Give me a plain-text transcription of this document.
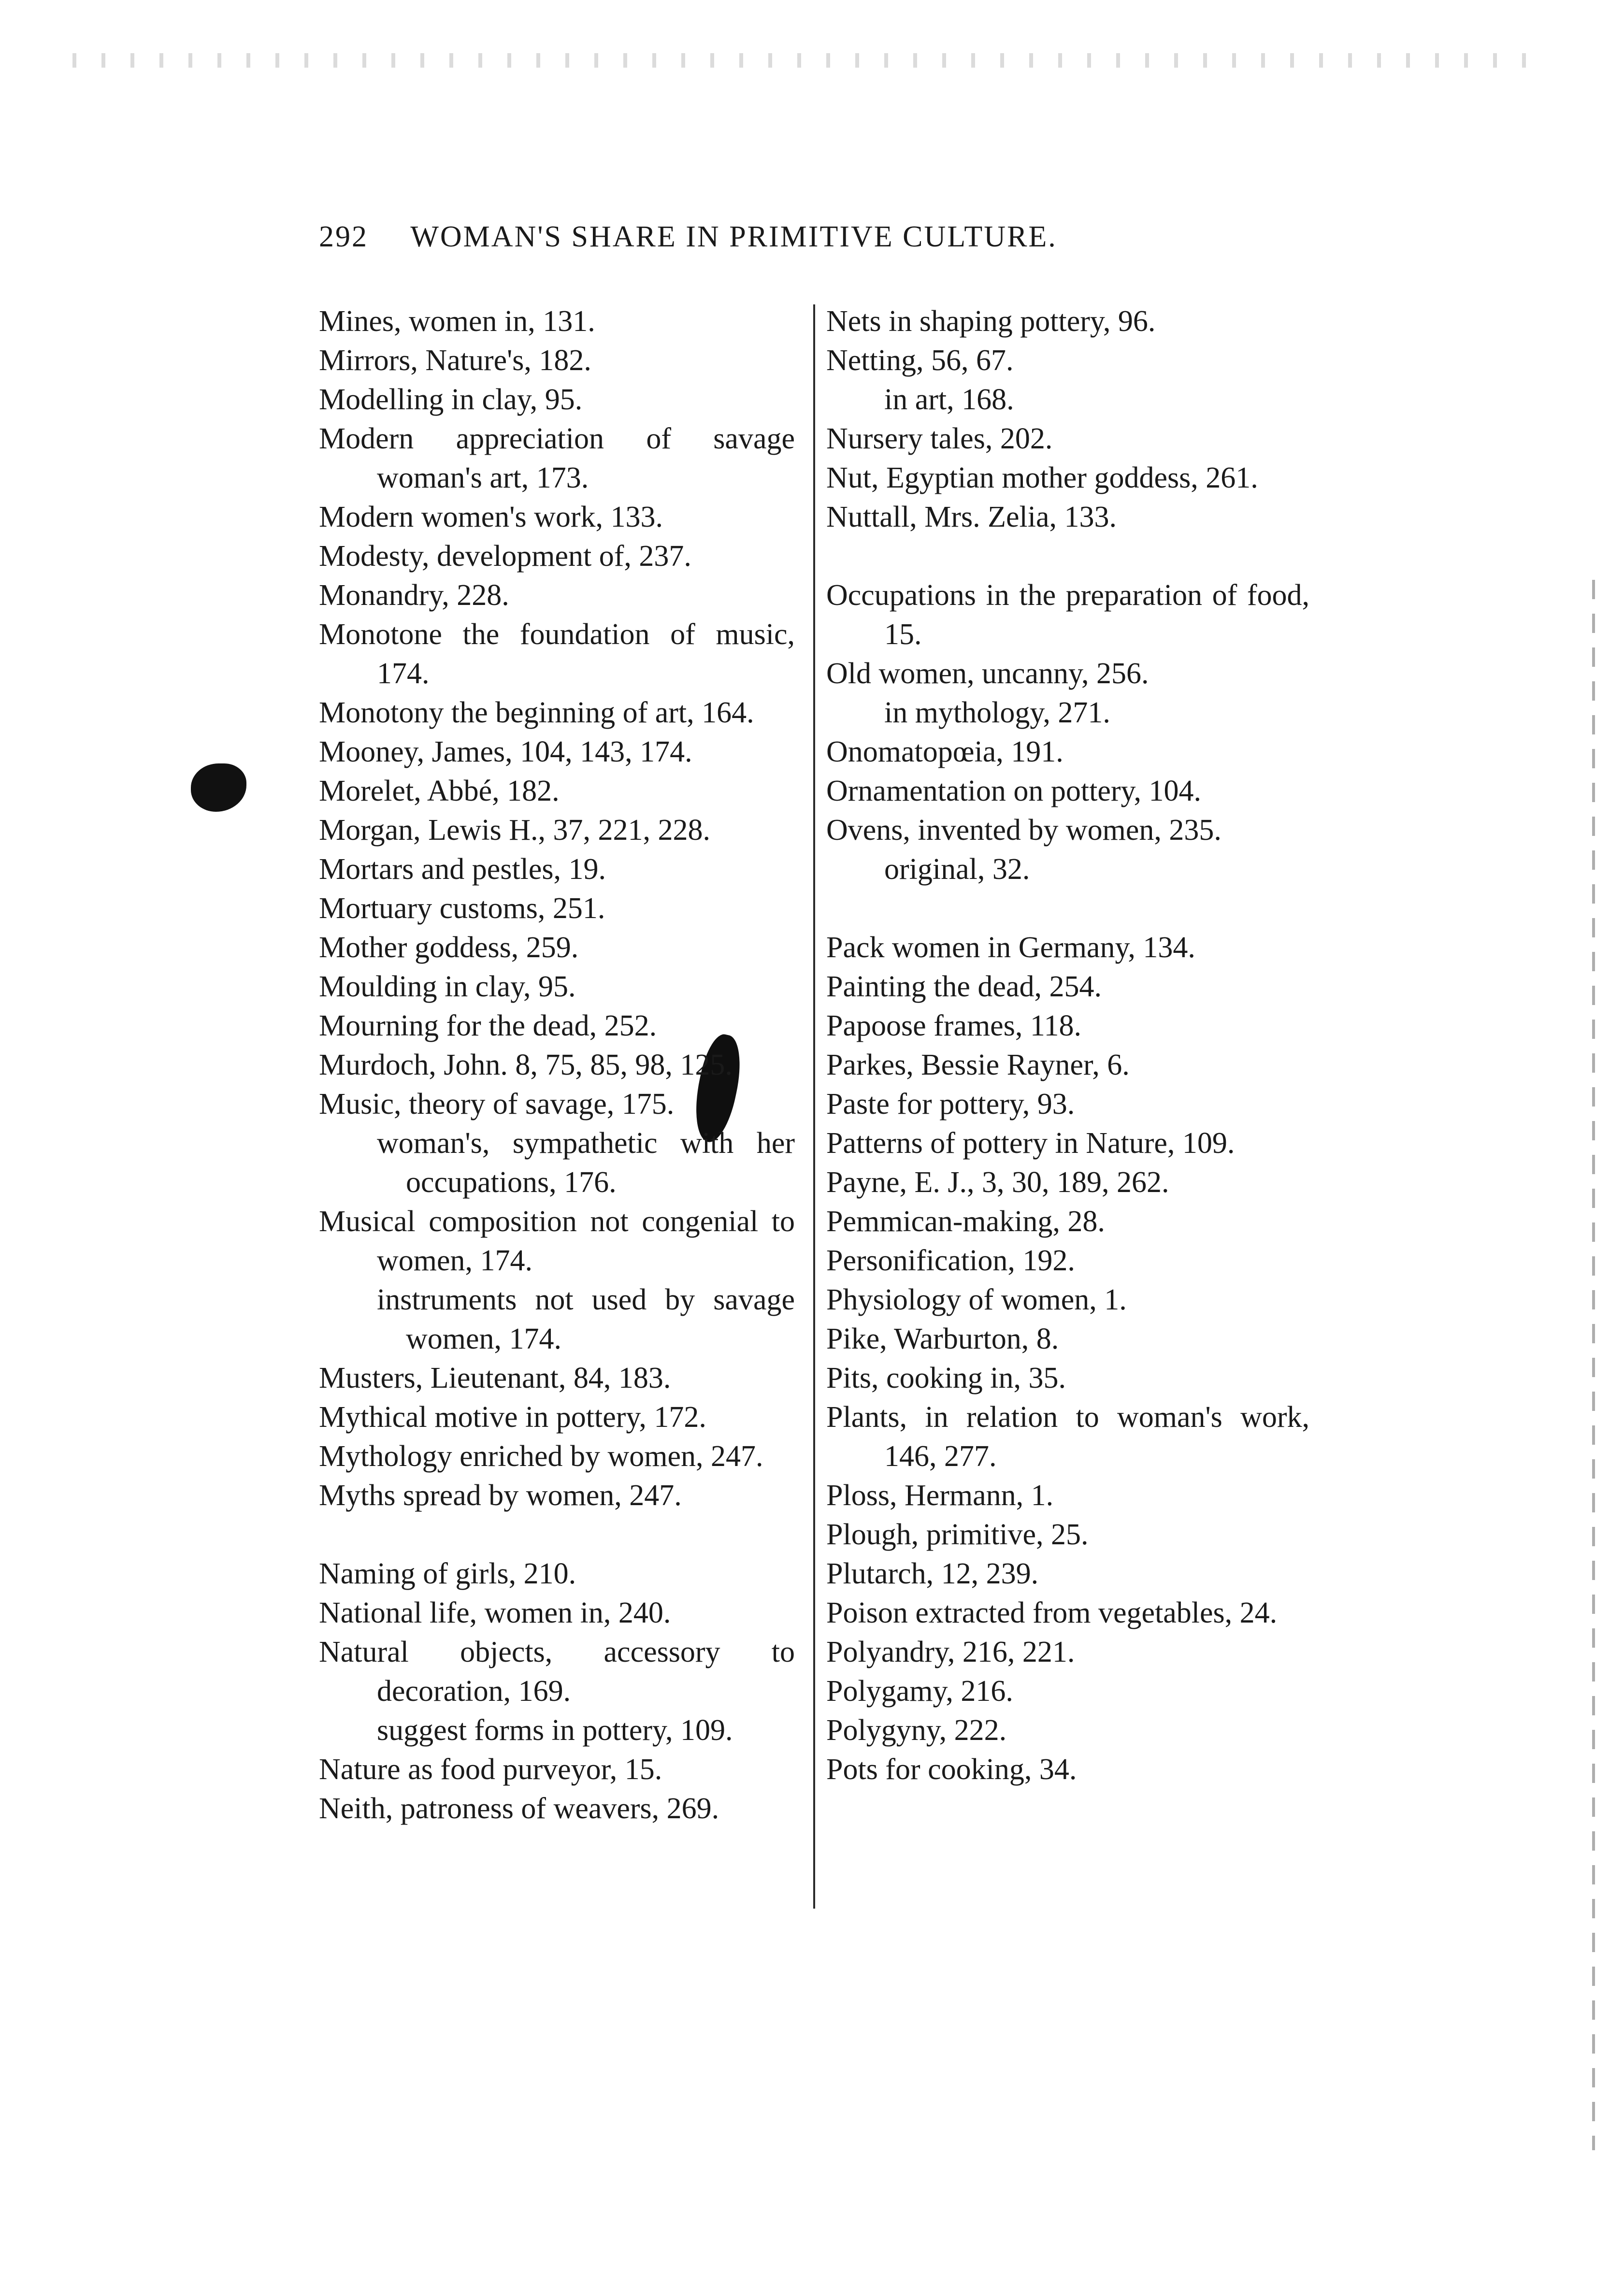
292 WOMAN'S SHARE IN PRIMITIVE CULTURE.
Mines, women in, 131.
Mirrors, Nature's, 182.
Modelling in clay, 95.
Modern appreciation of savage woman's art, 173.
Modern women's work, 133.
Modesty, development of, 237.
Monandry, 228.
Monotone the foundation of music, 174.
Monotony the beginning of art, 164.
Mooney, James, 104, 143, 174.
Morelet, Abbé, 182.
Morgan, Lewis H., 37, 221, 228.
Mortars and pestles, 19.
Mortuary customs, 251.
Mother goddess, 259.
Moulding in clay, 95.
Mourning for the dead, 252.
Murdoch, John. 8, 75, 85, 98, 125.
Music, theory of savage, 175.
woman's, sympathetic with her occupations, 176.
Musical composition not congenial to women, 174.
instruments not used by savage women, 174.
Musters, Lieutenant, 84, 183.
Mythical motive in pottery, 172.
Mythology enriched by women, 247.
Myths spread by women, 247.
Naming of girls, 210.
National life, women in, 240.
Natural objects, accessory to decoration, 169.
suggest forms in pottery, 109.
Nature as food purveyor, 15.
Neith, patroness of weavers, 269.
Nets in shaping pottery, 96.
Netting, 56, 67.
in art, 168.
Nursery tales, 202.
Nut, Egyptian mother goddess, 261.
Nuttall, Mrs. Zelia, 133.
Occupations in the preparation of food, 15.
Old women, uncanny, 256.
in mythology, 271.
Onomatopœia, 191.
Ornamentation on pottery, 104.
Ovens, invented by women, 235.
original, 32.
Pack women in Germany, 134.
Painting the dead, 254.
Papoose frames, 118.
Parkes, Bessie Rayner, 6.
Paste for pottery, 93.
Patterns of pottery in Nature, 109.
Payne, E. J., 3, 30, 189, 262.
Pemmican-making, 28.
Personification, 192.
Physiology of women, 1.
Pike, Warburton, 8.
Pits, cooking in, 35.
Plants, in relation to woman's work, 146, 277.
Ploss, Hermann, 1.
Plough, primitive, 25.
Plutarch, 12, 239.
Poison extracted from vegetables, 24.
Polyandry, 216, 221.
Polygamy, 216.
Polygyny, 222.
Pots for cooking, 34.
